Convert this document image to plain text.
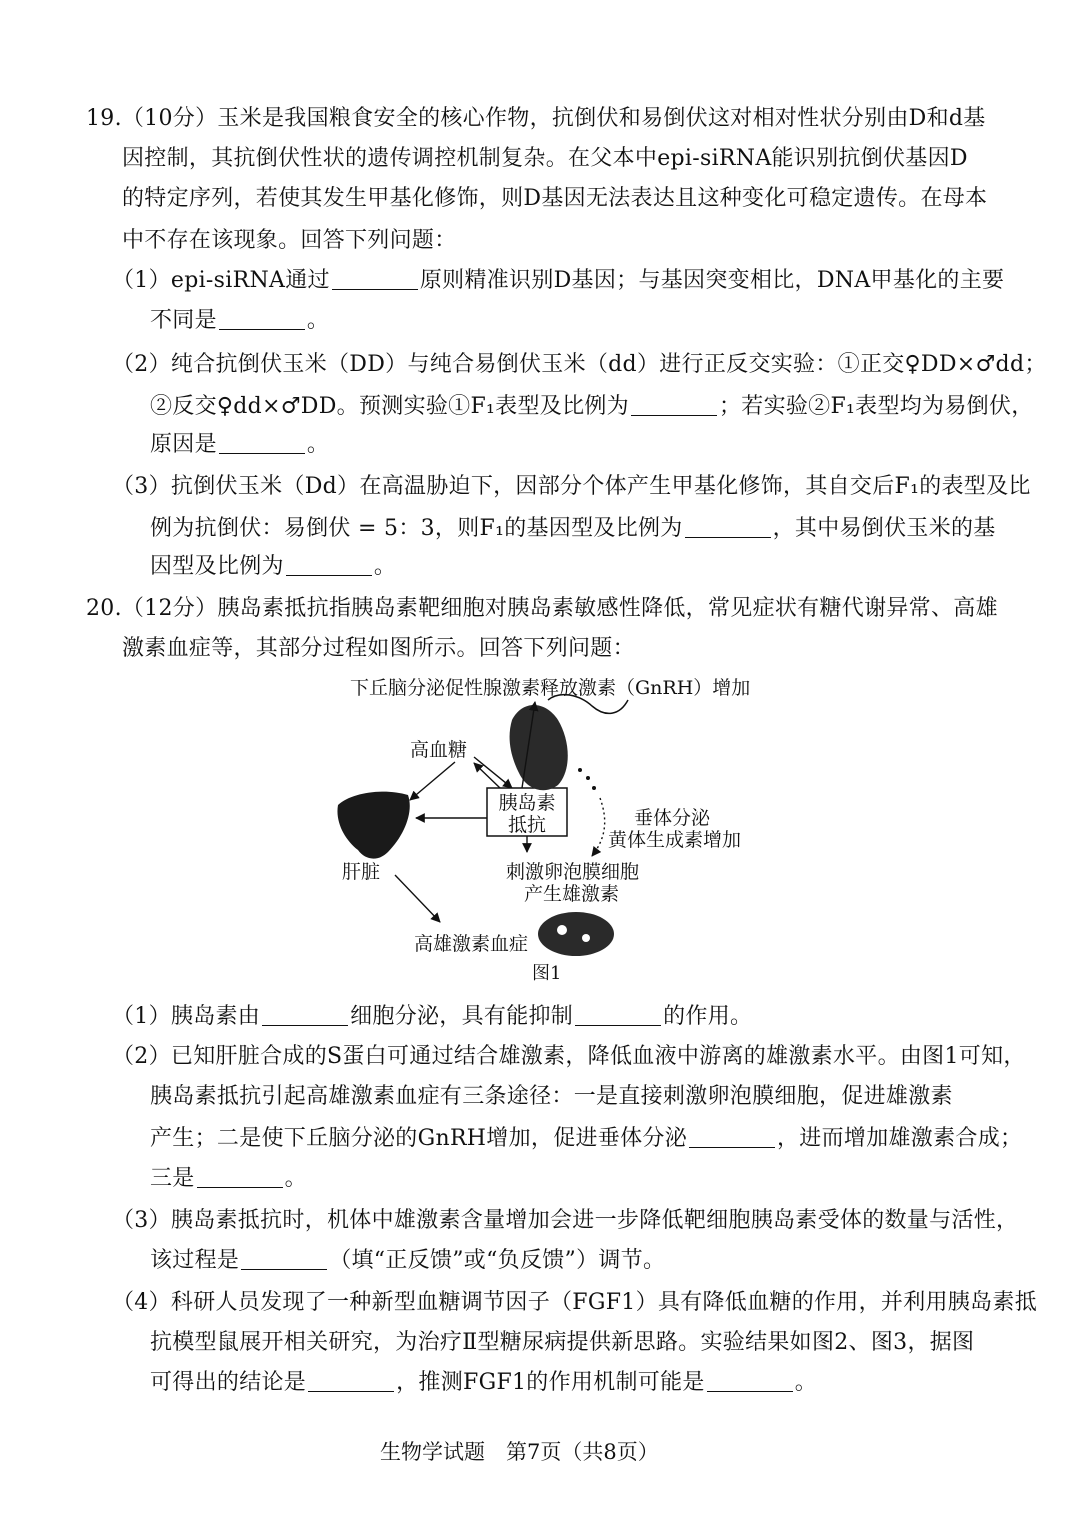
19.（10分）玉米是我国粮食安全的核心作物，抗倒伏和易倒伏这对相对性状分别由D和d基
因控制，其抗倒伏性状的遗传调控机制复杂。在父本中epi-siRNA能识别抗倒伏基因D
的特定序列，若使其发生甲基化修饰，则D基因无法表达且这种变化可稳定遗传。在母本
中不存在该现象。回答下列问题：
（1）epi-siRNA通过	原则精准识别D基因；与基因突变相比，DNA甲基化的主要
不同是	。
（2）纯合抗倒伏玉米（DD）与纯合易倒伏玉米（dd）进行正反交实验：①正交♀DD×♂dd；
②反交♀dd×♂DD。预测实验①F₁表型及比例为	；若实验②F₁表型均为易倒伏，
原因是	。
（3）抗倒伏玉米（Dd）在高温胁迫下，因部分个体产生甲基化修饰，其自交后F₁的表型及比
例为抗倒伏：易倒伏 = 5：3，则F₁的基因型及比例为	，其中易倒伏玉米的基
因型及比例为	。
20.（12分）胰岛素抵抗指胰岛素靶细胞对胰岛素敏感性降低，常见症状有糖代谢异常、高雄
激素血症等，其部分过程如图所示。回答下列问题：
下丘脑分泌促性腺激素释放激素（GnRH）增加
高血糖
胰岛素
抵抗	垂体分泌
黄体生成素增加
肝脏	刺激卵泡膜细胞
产生雄激素
高雄激素血症
图1
（1）胰岛素由	细胞分泌，具有能抑制	的作用。
（2）已知肝脏合成的S蛋白可通过结合雄激素，降低血液中游离的雄激素水平。由图1可知，
胰岛素抵抗引起高雄激素血症有三条途径：一是直接刺激卵泡膜细胞，促进雄激素
产生；二是使下丘脑分泌的GnRH增加，促进垂体分泌	，进而增加雄激素合成；
三是	。
（3）胰岛素抵抗时，机体中雄激素含量增加会进一步降低靶细胞胰岛素受体的数量与活性，
该过程是	（填“正反馈”或“负反馈”）调节。
（4）科研人员发现了一种新型血糖调节因子（FGF1）具有降低血糖的作用，并利用胰岛素抵
抗模型鼠展开相关研究，为治疗Ⅱ型糖尿病提供新思路。实验结果如图2、图3，据图
可得出的结论是	，推测FGF1的作用机制可能是	。
生物学试题　第7页（共8页）
